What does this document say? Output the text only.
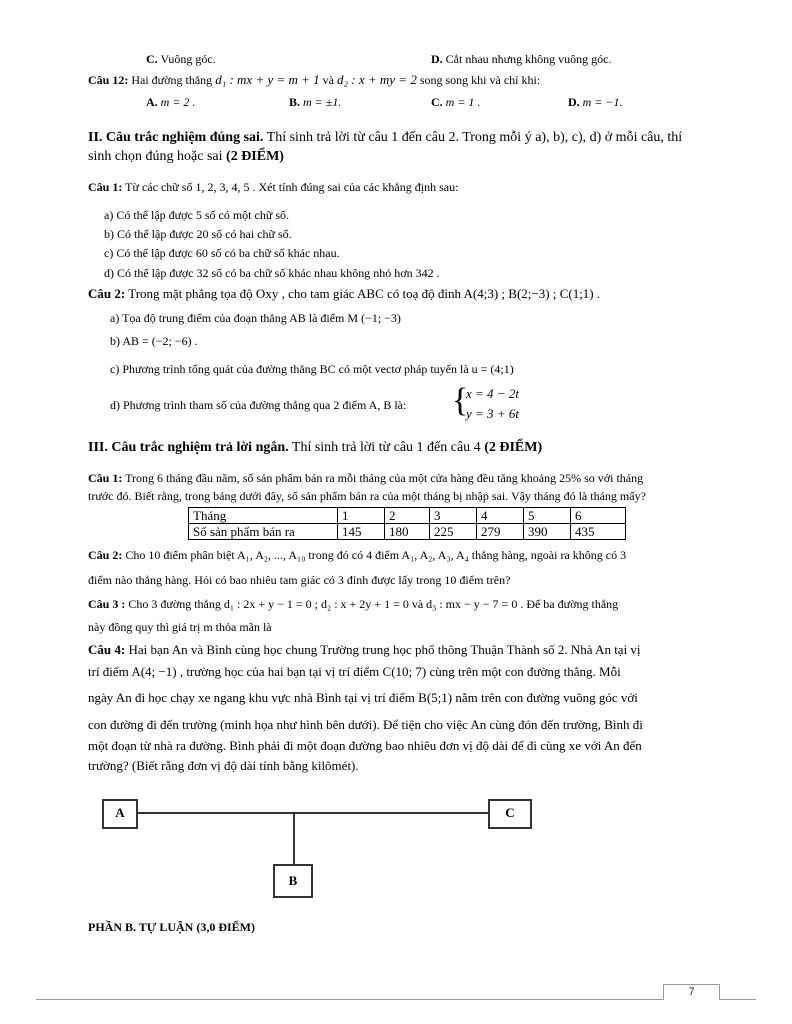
C. Vuông góc.	D. Cắt nhau nhưng không vuông góc.
Câu 12: Hai đường thẳng d₁ : mx + y = m + 1 và d₂ : x + my = 2 song song khi và chỉ khi:
A. m = 2 .	B. m = ±1.	C. m = 1 .	D. m = −1.
II. Câu trắc nghiệm đúng sai. Thí sinh trả lời từ câu 1 đến câu 2. Trong mỗi ý a), b), c), d) ở mỗi câu, thí
sinh chọn đúng hoặc sai (2 ĐIỂM)
Câu 1: Từ các chữ số 1, 2, 3, 4, 5 . Xét tính đúng sai của các khẳng định sau:
a) Có thể lập được 5 số có một chữ số.
b) Có thể lập được 20 số có hai chữ số.
c) Có thể lập được 60 số có ba chữ số khác nhau.
d) Có thể lập được 32 số có ba chữ số khác nhau không nhỏ hơn 342 .
Câu 2: Trong mặt phẳng tọa độ Oxy , cho tam giác ABC có toạ độ đỉnh A(4;3) ; B(2;−3) ; C(1;1) .
a) Tọa độ trung điểm của đoạn thẳng AB là điểm M (−1; −3)
b) AB = (−2; −6) .
c) Phương trình tổng quát của đường thẳng BC có một vectơ pháp tuyến là u = (4;1)
d) Phương trình tham số của đường thẳng qua 2 điểm A, B là: {
x = 4 − 2t
y = 3 + 6t
III. Câu trắc nghiệm trả lời ngắn. Thí sinh trả lời từ câu 1 đến câu 4 (2 ĐIỂM)
Câu 1: Trong 6 tháng đầu năm, số sản phẩm bán ra mỗi tháng của một cửa hàng đều tăng khoảng 25% so với tháng
trước đó. Biết rằng, trong bảng dưới đây, số sản phẩm bán ra của một tháng bị nhập sai. Vậy tháng đó là tháng mấy?
Tháng	1	2	3	4	5	6
Số sản phẩm bán ra	145	180	225	279	390	435
Câu 2: Cho 10 điểm phân biệt A₁, A₂, ..., A₁₀ trong đó có 4 điểm A₁, A₂, A₃, A₄ thẳng hàng, ngoài ra không có 3
điểm nào thẳng hàng. Hỏi có bao nhiêu tam giác có 3 đỉnh được lấy trong 10 điểm trên?
Câu 3 : Cho 3 đường thẳng d₁ : 2x + y − 1 = 0 ; d₂ : x + 2y + 1 = 0 và d₃ : mx − y − 7 = 0 . Để ba đường thẳng
này đồng quy thì giá trị m thỏa mãn là
Câu 4: Hai bạn An và Bình cùng học chung Trường trung học phổ thông Thuận Thành số 2. Nhà An tại vị
trí điểm A(4; −1) , trường học của hai bạn tại vị trí điểm C(10; 7) cùng trên một con đường thẳng. Mỗi
ngày An đi học chạy xe ngang khu vực nhà Bình tại vị trí điểm B(5;1) nằm trên con đường vuông góc với
con đường đi đến trường (minh họa như hình bên dưới). Để tiện cho việc An cùng đón đến trường, Bình đi
một đoạn từ nhà ra đường. Bình phải đi một đoạn đường bao nhiêu đơn vị độ dài để đi cùng xe với An đến
trường? (Biết rằng đơn vị độ dài tính bằng kilômét).
A	C
B
PHẦN B. TỰ LUẬN (3,0 ĐIỂM)
7
